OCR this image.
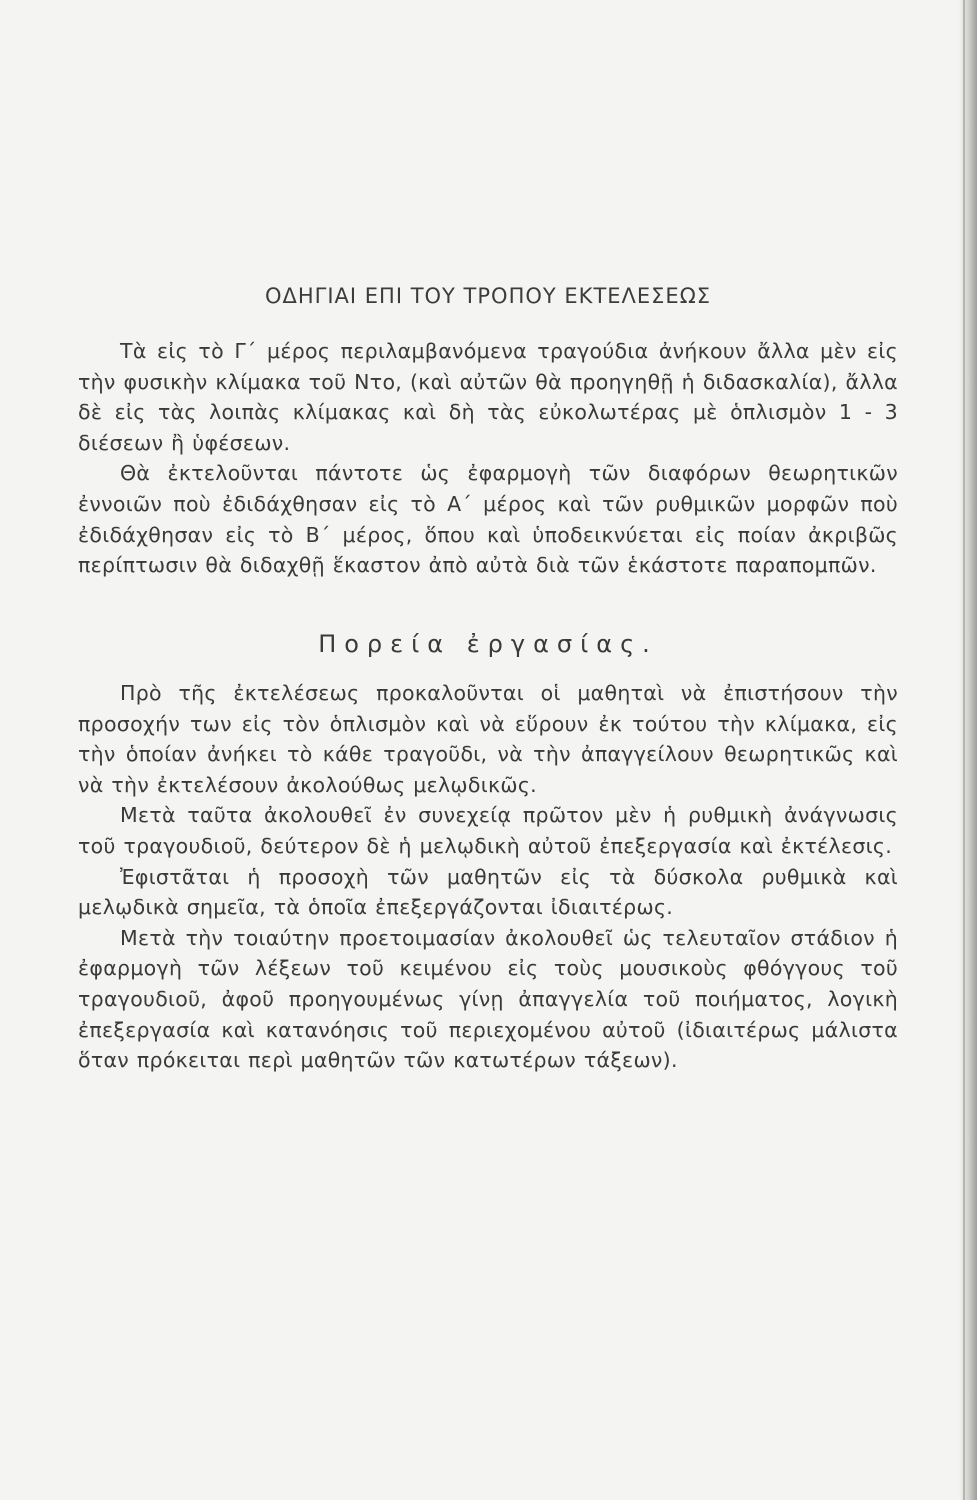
ΟΔΗΓΙΑΙ ΕΠΙ ΤΟΥ ΤΡΟΠΟΥ ΕΚΤΕΛΕΣΕΩΣ

Τὰ εἰς τὸ Γ΄ μέρος περιλαμβανόμενα τραγούδια ἀνήκουν ἄλλα μὲν εἰς τὴν φυσικὴν κλίμακα τοῦ Ντο, (καὶ αὐτῶν θὰ προηγηθῇ ἡ διδασκαλία), ἄλλα δὲ εἰς τὰς λοιπὰς κλίμακας καὶ δὴ τὰς εὐκολωτέρας μὲ ὁπλισμὸν 1 - 3 διέσεων ἢ ὑφέσεων.

Θὰ ἐκτελοῦνται πάντοτε ὡς ἐφαρμογὴ τῶν διαφόρων θεωρητικῶν ἐννοιῶν ποὺ ἐδιδάχθησαν εἰς τὸ Α΄ μέρος καὶ τῶν ρυθμικῶν μορφῶν ποὺ ἐδιδάχθησαν εἰς τὸ Β΄ μέρος, ὅπου καὶ ὑποδεικνύεται εἰς ποίαν ἀκριβῶς περίπτωσιν θὰ διδαχθῇ ἕκαστον ἀπὸ αὐτὰ διὰ τῶν ἑκάστοτε παραπομπῶν.

Πορεία ἐργασίας.

Πρὸ τῆς ἐκτελέσεως προκαλοῦνται οἱ μαθηταὶ νὰ ἐπιστήσουν τὴν προσοχήν των εἰς τὸν ὁπλισμὸν καὶ νὰ εὕρουν ἐκ τούτου τὴν κλίμακα, εἰς τὴν ὁποίαν ἀνήκει τὸ κάθε τραγοῦδι, νὰ τὴν ἀπαγγείλουν θεωρητικῶς καὶ νὰ τὴν ἐκτελέσουν ἀκολούθως μελῳδικῶς.

Μετὰ ταῦτα ἀκολουθεῖ ἐν συνεχείᾳ πρῶτον μὲν ἡ ρυθμικὴ ἀνάγνωσις τοῦ τραγουδιοῦ, δεύτερον δὲ ἡ μελῳδικὴ αὐτοῦ ἐπεξεργασία καὶ ἐκτέλεσις.

Ἐφιστᾶται ἡ προσοχὴ τῶν μαθητῶν εἰς τὰ δύσκολα ρυθμικὰ καὶ μελῳδικὰ σημεῖα, τὰ ὁποῖα ἐπεξεργάζονται ἰδιαιτέρως.

Μετὰ τὴν τοιαύτην προετοιμασίαν ἀκολουθεῖ ὡς τελευταῖον στάδιον ἡ ἐφαρμογὴ τῶν λέξεων τοῦ κειμένου εἰς τοὺς μουσικοὺς φθόγγους τοῦ τραγουδιοῦ, ἀφοῦ προηγουμένως γίνῃ ἀπαγγελία τοῦ ποιήματος, λογικὴ ἐπεξεργασία καὶ κατανόησις τοῦ περιεχομένου αὐτοῦ (ἰδιαιτέρως μάλιστα ὅταν πρόκειται περὶ μαθητῶν τῶν κατωτέρων τάξεων).
